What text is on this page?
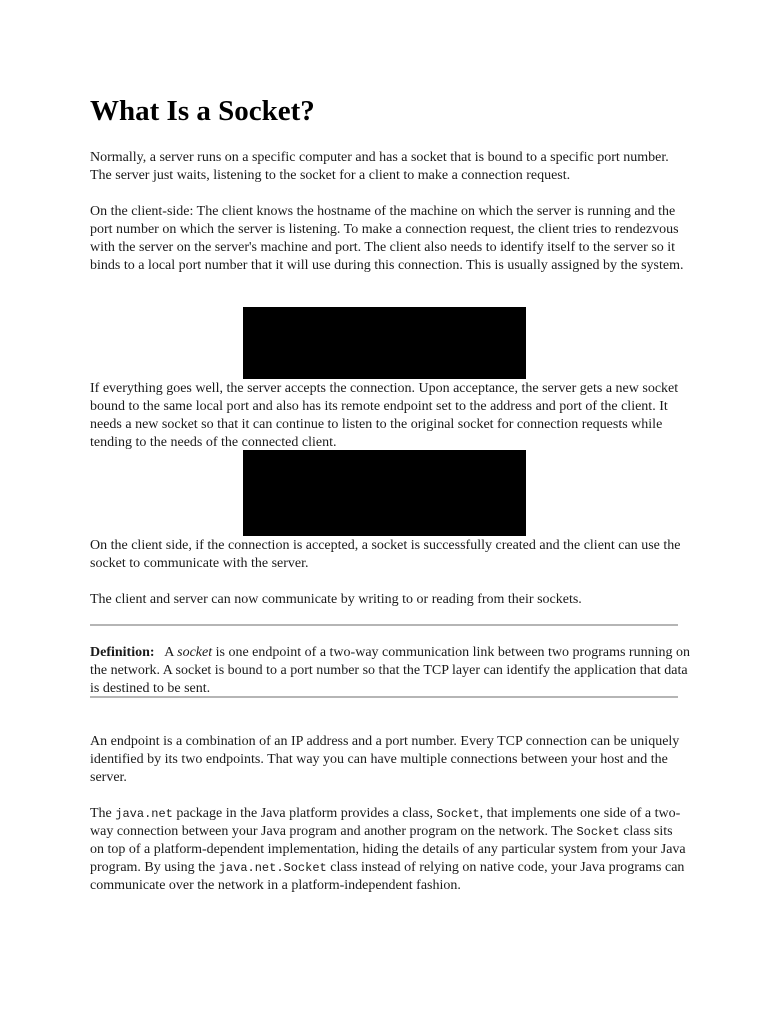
What Is a Socket?

Normally, a server runs on a specific computer and has a socket that is bound to a specific port number. The server just waits, listening to the socket for a client to make a connection request.

On the client-side: The client knows the hostname of the machine on which the server is running and the port number on which the server is listening. To make a connection request, the client tries to rendezvous with the server on the server's machine and port. The client also needs to identify itself to the server so it binds to a local port number that it will use during this connection. This is usually assigned by the system.

If everything goes well, the server accepts the connection. Upon acceptance, the server gets a new socket bound to the same local port and also has its remote endpoint set to the address and port of the client. It needs a new socket so that it can continue to listen to the original socket for connection requests while tending to the needs of the connected client.

On the client side, if the connection is accepted, a socket is successfully created and the client can use the socket to communicate with the server.

The client and server can now communicate by writing to or reading from their sockets.

Definition: A socket is one endpoint of a two-way communication link between two programs running on the network. A socket is bound to a port number so that the TCP layer can identify the application that data is destined to be sent.

An endpoint is a combination of an IP address and a port number. Every TCP connection can be uniquely identified by its two endpoints. That way you can have multiple connections between your host and the server.

The java.net package in the Java platform provides a class, Socket, that implements one side of a two-way connection between your Java program and another program on the network. The Socket class sits on top of a platform-dependent implementation, hiding the details of any particular system from your Java program. By using the java.net.Socket class instead of relying on native code, your Java programs can communicate over the network in a platform-independent fashion.
